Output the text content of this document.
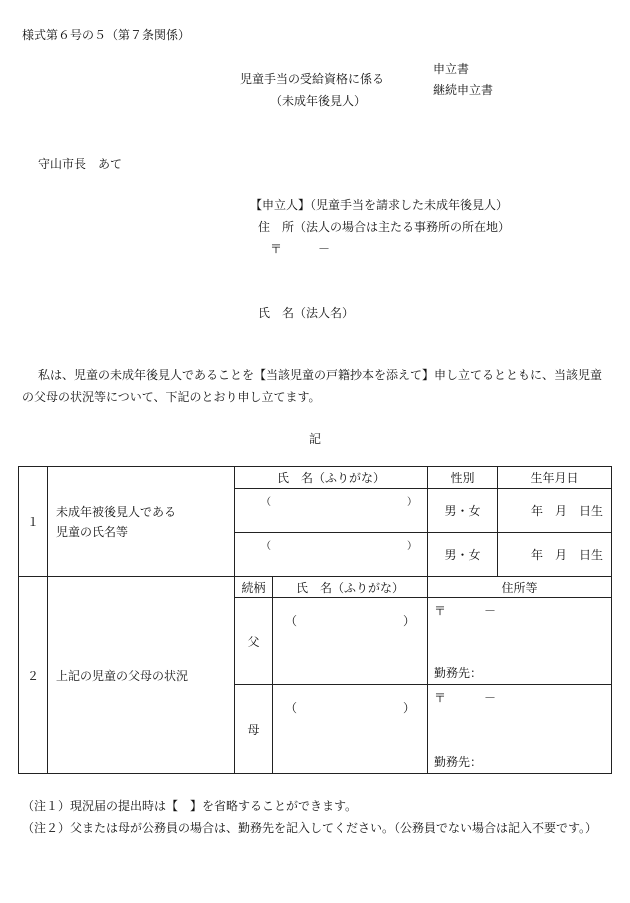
様式第６号の５（第７条関係）
児童手当の受給資格に係る
（未成年後見人）
申立書
継続申立書
守山市長　あて
【申立人】（児童手当を請求した未成年後見人）
住　所（法人の場合は主たる事務所の所在地）
〒	－
氏　名（法人名）
私は、児童の未成年後見人であることを【当該児童の戸籍抄本を添えて】申し立てるとともに、当該児童
の父母の状況等について、下記のとおり申し立てます。
記
１	未成年被後見人である
児童の氏名等	氏　名（ふりがな）		性別	生年月日

		（ ）		男・女	年　月　日生

		（ ）		男・女	年　月　日生
２	上記の児童の父母の状況	続柄	氏　名（ふりがな）	住所等	
		父	（ ）	〒 －
勤務先：	

		母	（ ）	〒 －
勤務先：	
（注１）現況届の提出時は【　】を省略することができます。
（注２）父または母が公務員の場合は、勤務先を記入してください。（公務員でない場合は記入不要です。）
